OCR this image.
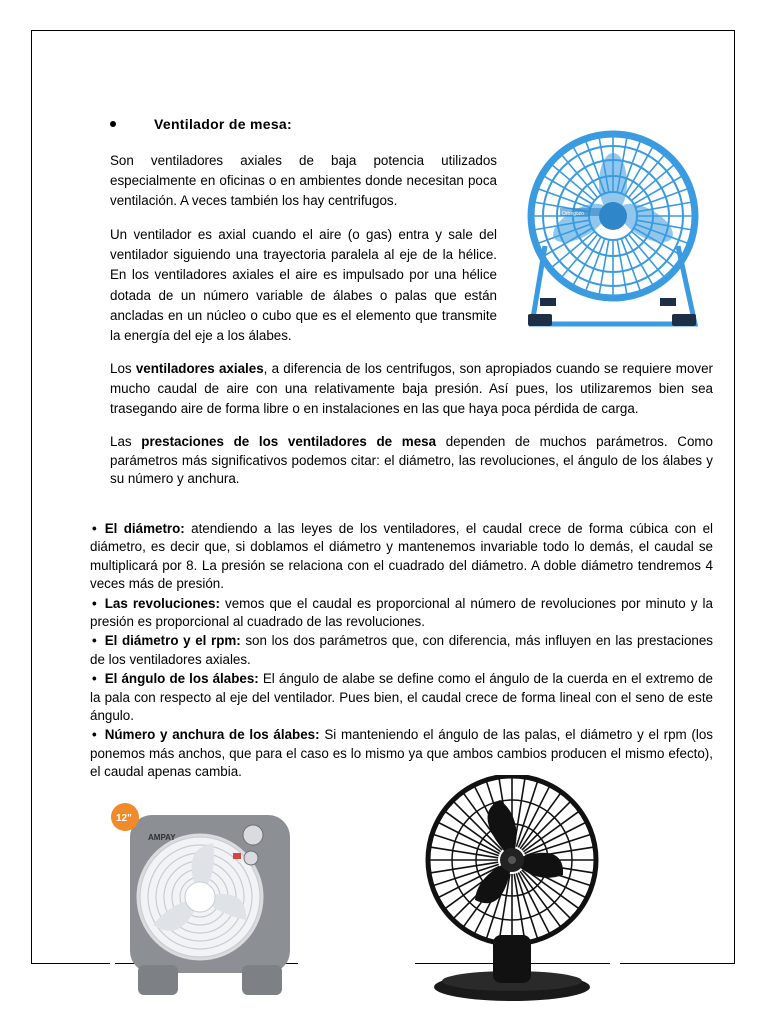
Ventilador de mesa:
Son ventiladores axiales de baja potencia utilizados especialmente en oficinas o en ambientes donde necesitan poca ventilación. A veces también los hay centrifugos.
Un ventilador es axial cuando el aire (o gas) entra y sale del ventilador siguiendo una trayectoria paralela al eje de la hélice. En los ventiladores axiales el aire es impulsado por una hélice dotada de un número variable de álabes o palas que están ancladas en un núcleo o cubo que es el elemento que transmite la energía del eje a los álabes.
Los ventiladores axiales, a diferencia de los centrifugos, son apropiados cuando se requiere mover mucho caudal de aire con una relativamente baja presión. Así pues, los utilizaremos bien sea trasegando aire de forma libre o en instalaciones en las que haya poca pérdida de carga.
Las prestaciones de los ventiladores de mesa dependen de muchos parámetros. Como parámetros más significativos podemos citar: el diámetro, las revoluciones, el ángulo de los álabes y su número y anchura.
• El diámetro: atendiendo a las leyes de los ventiladores, el caudal crece de forma cúbica con el diámetro, es decir que, si doblamos el diámetro y mantenemos invariable todo lo demás, el caudal se multiplicará por 8. La presión se relaciona con el cuadrado del diámetro. A doble diámetro tendremos 4 veces más de presión.
• Las revoluciones: vemos que el caudal es proporcional al número de revoluciones por minuto y la presión es proporcional al cuadrado de las revoluciones.
• El diámetro y el rpm: son los dos parámetros que, con diferencia, más influyen en las prestaciones de los ventiladores axiales.
• El ángulo de los álabes: El ángulo de alabe se define como el ángulo de la cuerda en el extremo de la pala con respecto al eje del ventilador. Pues bien, el caudal crece de forma lineal con el seno de este ángulo.
• Número y anchura de los álabes: Si manteniendo el ángulo de las palas, el diámetro y el rpm (los ponemos más anchos, que para el caso es lo mismo ya que ambos cambios producen el mismo efecto), el caudal apenas cambia.
Orbegozo
AMPAY
12"
